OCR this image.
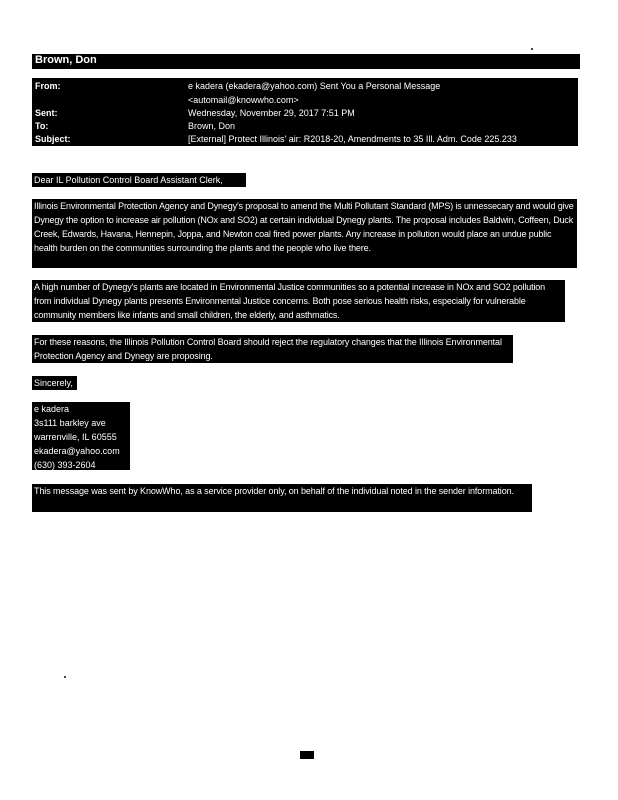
Brown, Don
From:	e kadera (ekadera@yahoo.com) Sent You a Personal Message
<automail@knowwho.com>
Sent:	Wednesday, November 29, 2017 7:51 PM
To:	Brown, Don
Subject:	[External] Protect Illinois' air: R2018-20, Amendments to 35 Ill. Adm. Code 225.233
Dear IL Pollution Control Board Assistant Clerk,
Illinois Environmental Protection Agency and Dynegy's proposal to amend the Multi Pollutant Standard (MPS) is unnessecary and would give Dynegy the option to increase air pollution (NOx and SO2) at certain individual Dynegy plants. The proposal includes Baldwin, Coffeen, Duck Creek, Edwards, Havana, Hennepin, Joppa, and Newton coal fired power plants. Any increase in pollution would place an undue public health burden on the communities surrounding the plants and the people who live there.
A high number of Dynegy's plants are located in Environmental Justice communities so a potential increase in NOx and SO2 pollution from individual Dynegy plants presents Environmental Justice concerns. Both pose serious health risks, especially for vulnerable community members like infants and small children, the elderly, and asthmatics.
For these reasons, the Illinois Pollution Control Board should reject the regulatory changes that the Illinois Environmental Protection Agency and Dynegy are proposing.
Sincerely,
e kadera
3s111 barkley ave
warrenville, IL 60555
ekadera@yahoo.com
(630) 393-2604
This message was sent by KnowWho, as a service provider only, on behalf of the individual noted in the sender information.
